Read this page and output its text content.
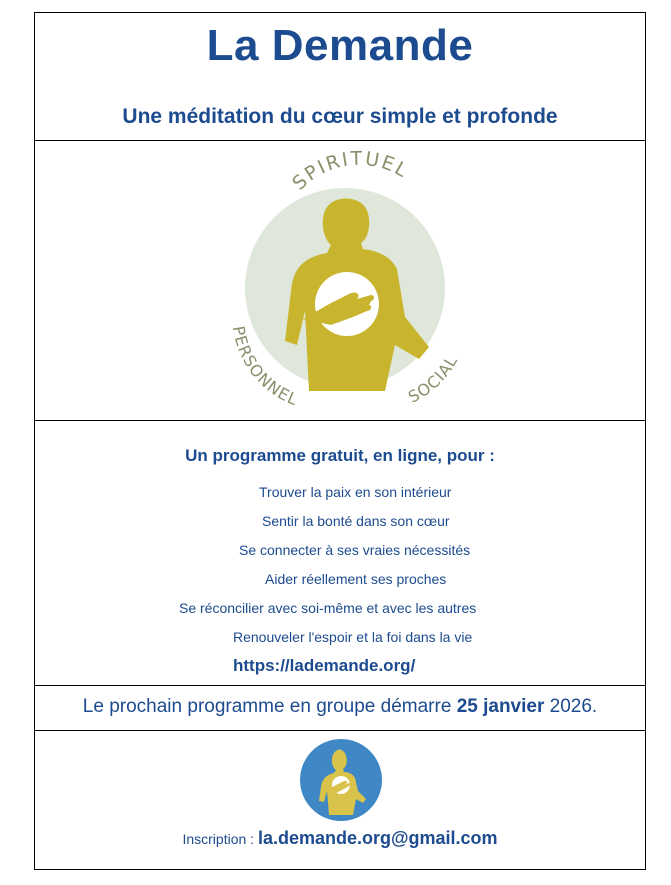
La Demande
Une méditation du cœur simple et profonde
SPIRITUEL
PERSONNEL	SOCIAL
Un programme gratuit, en ligne, pour :
Trouver la paix en son intérieur
Sentir la bonté dans son cœur
Se connecter à ses vraies nécessités
Aider réellement ses proches
Se réconcilier avec soi-même et avec les autres
Renouveler l'espoir et la foi dans la vie
https://lademande.org/
Le prochain programme en groupe démarre 25 janvier 2026.
Inscription : la.demande.org@gmail.com
